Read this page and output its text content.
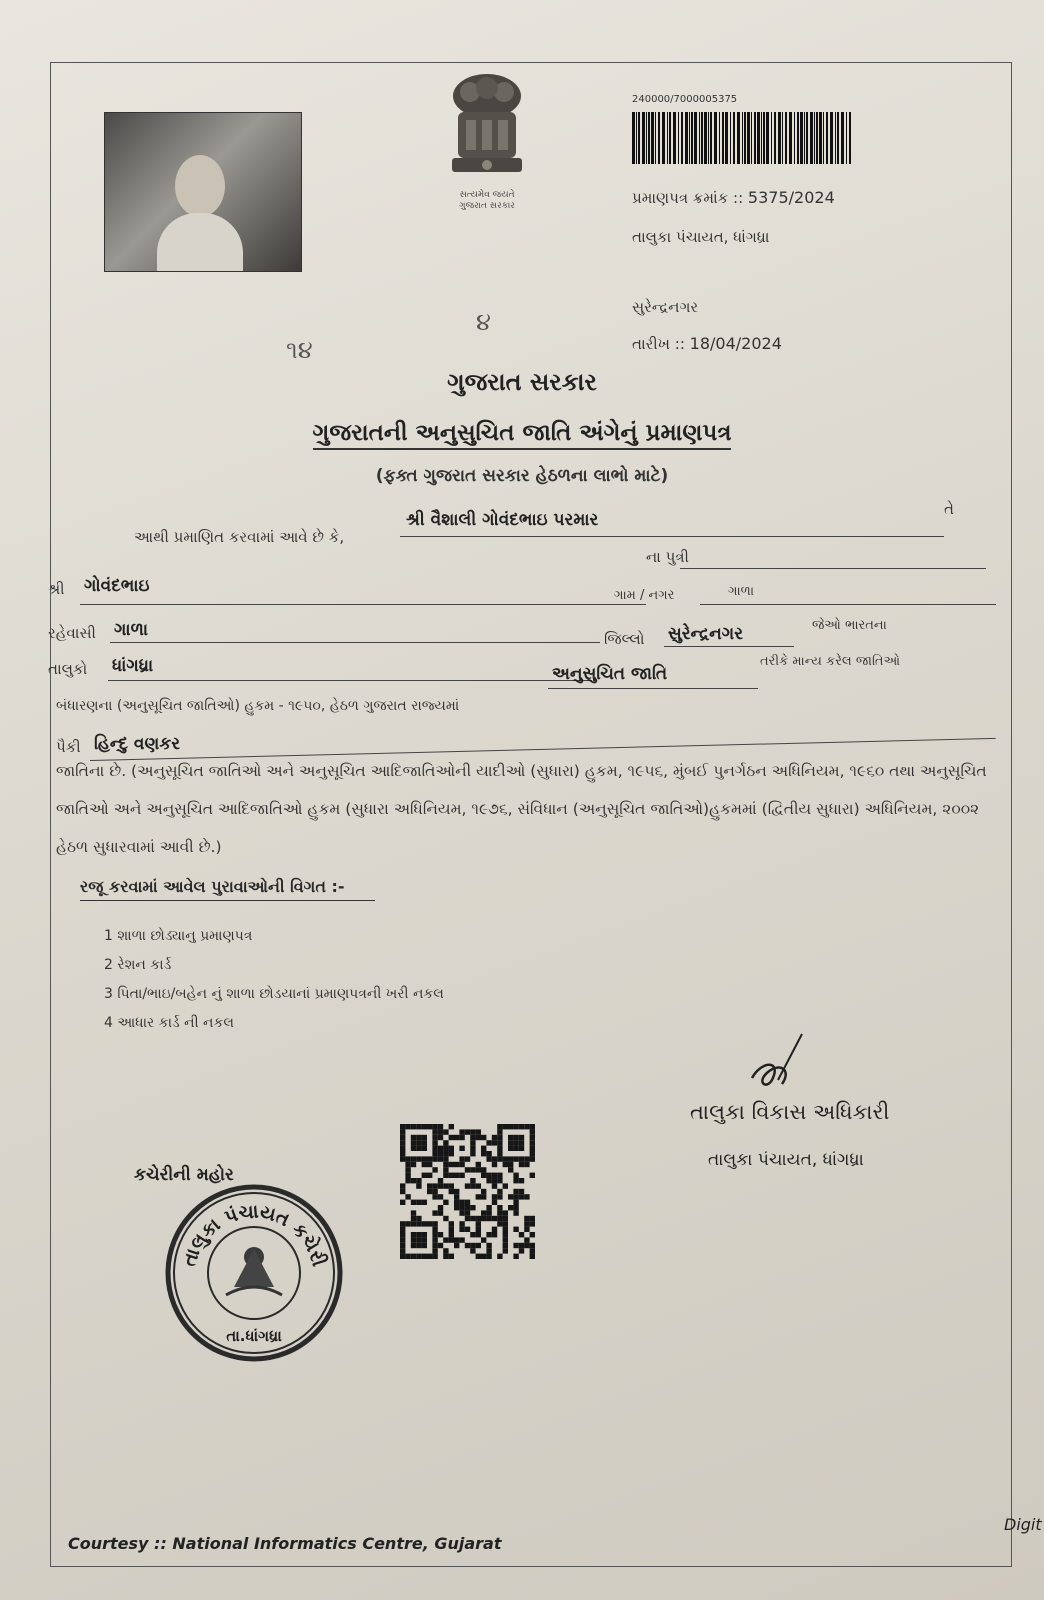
સત્યમેવ જયતે
ગુજરાત સરકાર
240000/7000005375
પ્રમાણપત્ર ક્રમાંક :: 5375/2024
તાલુકા પંચાયત, ધાંગધ્રા
સુરેન્દ્રનગર
તારીખ :: 18/04/2024
૧૪
૪
ગુજરાત સરકાર
ગુજરાતની અનુસુચિત જાતિ અંગેનું પ્રમાણપત્ર
(ફક્ત ગુજરાત સરકાર હેઠળના લાભો માટે)
આથી પ્રમાણિત કરવામાં આવે છે કે,
શ્રી વૈશાલી ગોવંદભાઇ પરમાર
તે
ના પુત્રી
શ્રી ગોવંદભાઇ	ગામ / નગર	ગાળા
રહેવાસી ગાળા	જિલ્લો સુરેન્દ્રનગર	જેઓ ભારતના
તાલુકો ધાંગધ્રા
બંધારણના (અનુસૂચિત જાતિઓ) હુકમ - ૧૯૫૦, હેઠળ ગુજરાત રાજ્યમાં
અનુસુચિત જાતિ
તરીકે માન્ય કરેલ જાતિઓ
પૈકી હિન્દુ વણકર
જાતિના છે. (અનુસૂચિત જાતિઓ અને અનુસૂચિત આદિજાતિઓની યાદીઓ (સુધારા) હુકમ, ૧૯૫૬, મુંબઈ પુનર્ગઠન અધિનિયમ, ૧૯૬૦ તથા અનુસૂચિત જાતિઓ અને અનુસૂચિત આદિજાતિઓ હુકમ (સુધારા અધિનિયમ, ૧૯૭૬, સંવિધાન (અનુસૂચિત જાતિઓ)હુકમમાં (દ્વિતીય સુધારા) અધિનિયમ, ૨૦૦૨ હેઠળ સુધારવામાં આવી છે.)
રજૂ કરવામાં આવેલ પુરાવાઓની વિગત :-
1 શાળા છોડ્યાનુ પ્રમાણપત્ર
2 રેશન કાર્ડ
3 પિતા/ભાઇ/બહેન નું શાળા છોડયાનાં પ્રમાણપત્રની ખરી નકલ
4 આધાર કાર્ડ ની નકલ
તાલુકા વિકાસ અધિકારી
તાલુકા પંચાયત, ધાંગધ્રા
કચેરીની મહોર
તાલુકા પંચાયત કચેરી
તા.ધાંગધ્રા
Courtesy :: National Informatics Centre, Gujarat
Digit
